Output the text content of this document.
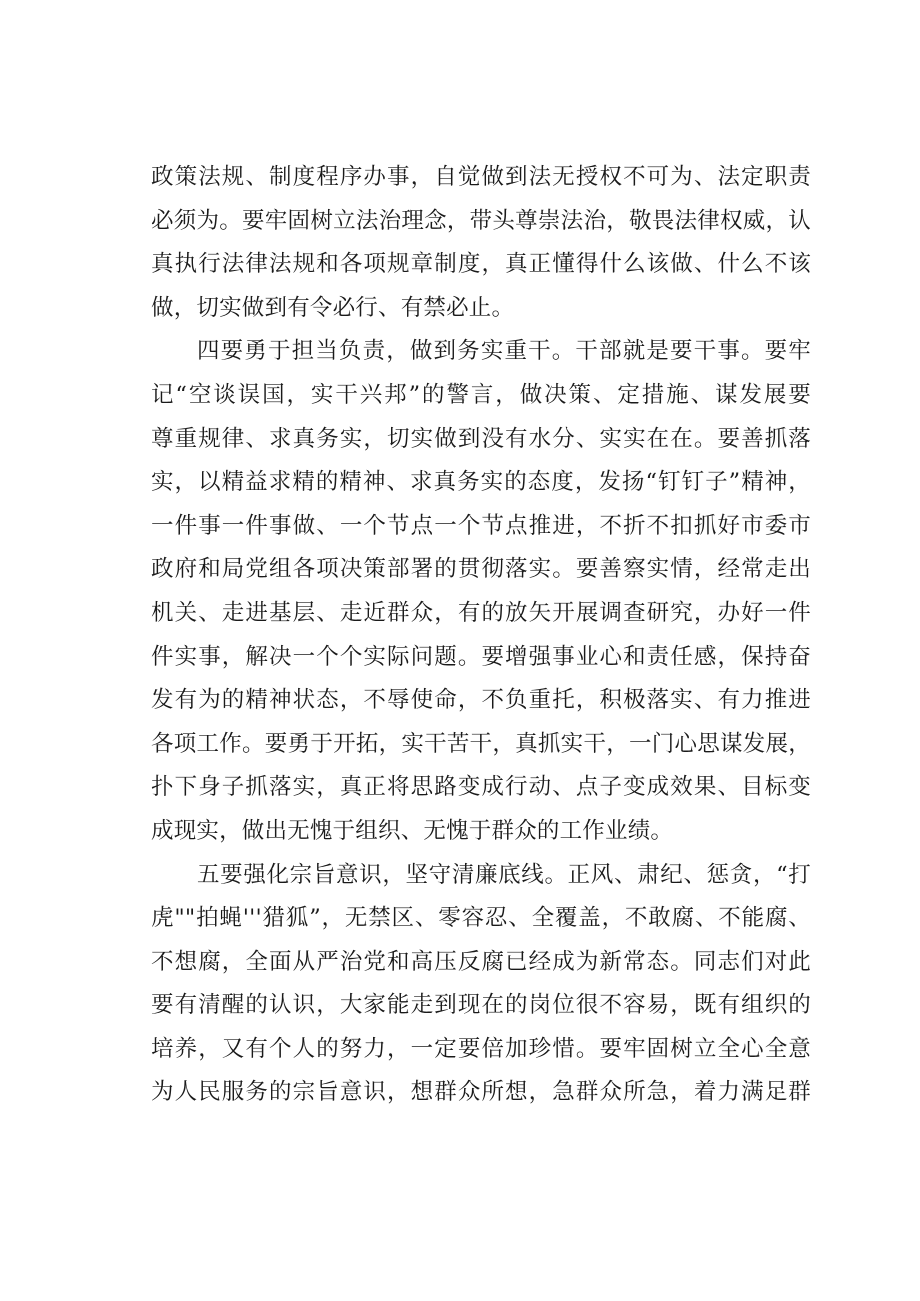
政策法规、制度程序办事，自觉做到法无授权不可为、法定职责
必须为。要牢固树立法治理念，带头尊崇法治，敬畏法律权威，认
真执行法律法规和各项规章制度，真正懂得什么该做、什么不该
做，切实做到有令必行、有禁必止。
四要勇于担当负责，做到务实重干。干部就是要干事。要牢
记“空谈误国，实干兴邦”的警言，做决策、定措施、谋发展要
尊重规律、求真务实，切实做到没有水分、实实在在。要善抓落
实，以精益求精的精神、求真务实的态度，发扬“钉钉子”精神，
一件事一件事做、一个节点一个节点推进，不折不扣抓好市委市
政府和局党组各项决策部署的贯彻落实。要善察实情，经常走出
机关、走进基层、走近群众，有的放矢开展调查研究，办好一件
件实事，解决一个个实际问题。要增强事业心和责任感，保持奋
发有为的精神状态，不辱使命，不负重托，积极落实、有力推进
各项工作。要勇于开拓，实干苦干，真抓实干，一门心思谋发展，
扑下身子抓落实，真正将思路变成行动、点子变成效果、目标变
成现实，做出无愧于组织、无愧于群众的工作业绩。
五要强化宗旨意识，坚守清廉底线。正风、肃纪、惩贪，“打
虎""拍蝇'''猎狐”，无禁区、零容忍、全覆盖，不敢腐、不能腐、
不想腐，全面从严治党和高压反腐已经成为新常态。同志们对此
要有清醒的认识，大家能走到现在的岗位很不容易，既有组织的
培养，又有个人的努力，一定要倍加珍惜。要牢固树立全心全意
为人民服务的宗旨意识，想群众所想，急群众所急，着力满足群
